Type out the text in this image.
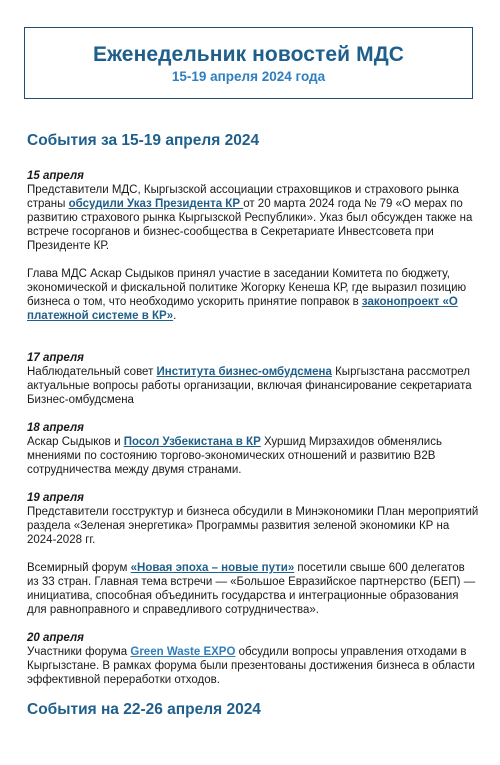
Еженедельник новостей МДС
15-19 апреля 2024 года
События за 15-19 апреля 2024
15 апреля

Представители МДС, Кыргызской ассоциации страховщиков и страхового рынка страны обсудили Указ Президента КР от 20 марта 2024 года № 79 «О мерах по развитию страхового рынка Кыргызской Республики». Указ был обсужден также на встрече госорганов и бизнес-сообщества в Секретариате Инвестсовета при Президенте КР.

Глава МДС Аскар Сыдыков принял участие в заседании Комитета по бюджету, экономической и фискальной политике Жогорку Кенеша КР, где выразил позицию бизнеса о том, что необходимо ускорить принятие поправок в законопроект «О платежной системе в КР».

17 апреля

Наблюдательный совет Института бизнес-омбудсмена Кыргызстана рассмотрел актуальные вопросы работы организации, включая финансирование секретариата Бизнес-омбудсмена

18 апреля

Аскар Сыдыков и Посол Узбекистана в КР Хуршид Мирзахидов обменялись мнениями по состоянию торгово-экономических отношений и развитию B2B сотрудничества между двумя странами.

19 апреля

Представители госструктур и бизнеса обсудили в Минэкономики План мероприятий раздела «Зеленая энергетика» Программы развития зеленой экономики КР на 2024-2028 гг.

Всемирный форум «Новая эпоха – новые пути» посетили свыше 600 делегатов из 33 стран. Главная тема встречи — «Большое Евразийское партнерство (БЕП) — инициатива, способная объединить государства и интеграционные образования для равноправного и справедливого сотрудничества».

20 апреля

Участники форума Green Waste EXPO обсудили вопросы управления отходами в Кыргызстане. В рамках форума были презентованы достижения бизнеса в области эффективной переработки отходов.

События на 22-26 апреля 2024
